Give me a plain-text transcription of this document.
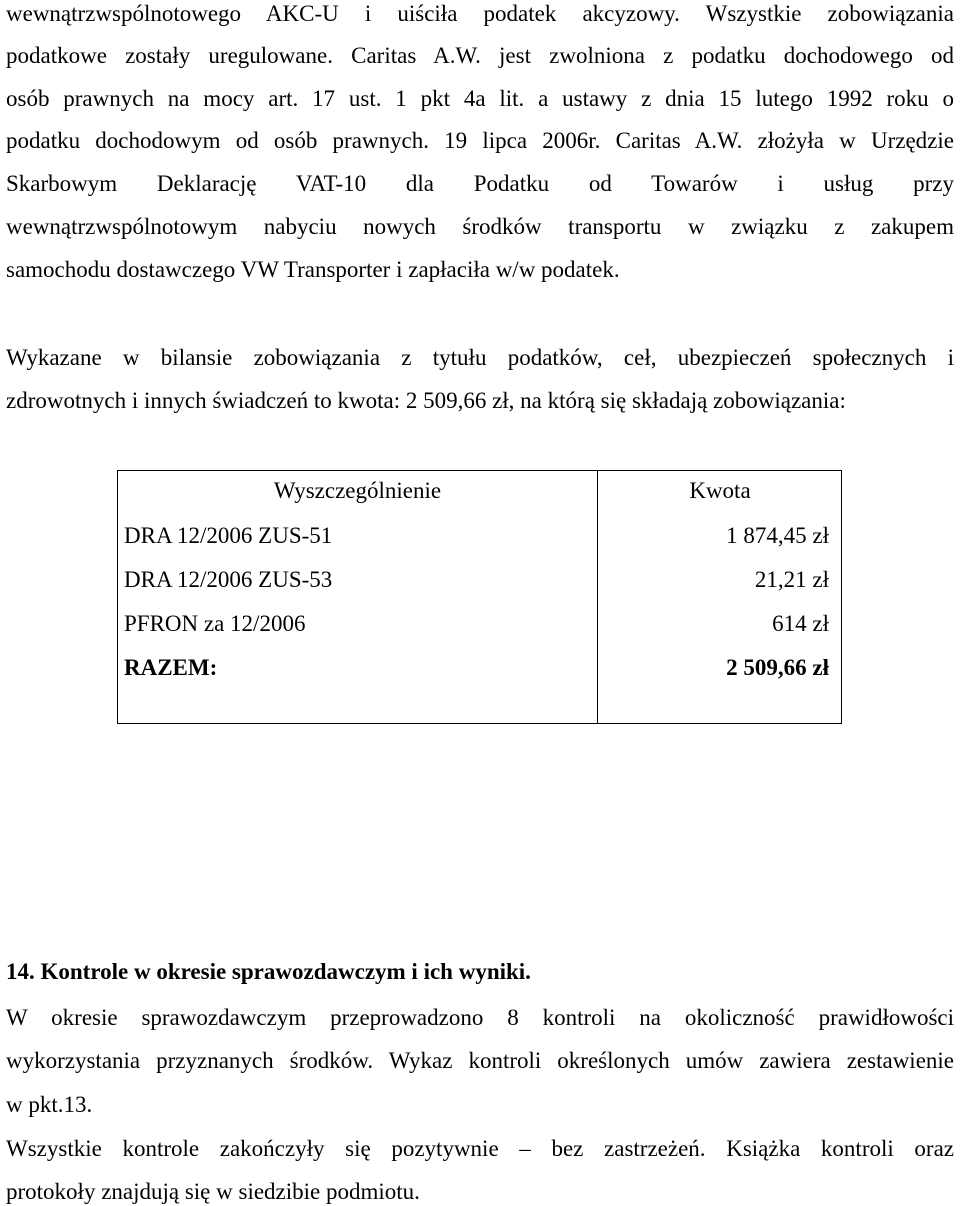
wewnątrzwspólnotowego AKC-U i uiściła podatek akcyzowy. Wszystkie zobowiązania
podatkowe zostały uregulowane. Caritas A.W. jest zwolniona z podatku dochodowego od
osób prawnych na mocy art. 17 ust. 1 pkt 4a lit. a ustawy z dnia 15 lutego 1992 roku o
podatku dochodowym od osób prawnych. 19 lipca 2006r. Caritas A.W. złożyła w Urzędzie
Skarbowym Deklarację VAT-10 dla Podatku od Towarów i usług przy
wewnątrzwspólnotowym nabyciu nowych środków transportu w związku z zakupem
samochodu dostawczego VW Transporter i zapłaciła w/w podatek.
Wykazane w bilansie zobowiązania z tytułu podatków, ceł, ubezpieczeń społecznych i
zdrowotnych i innych świadczeń to kwota: 2 509,66 zł, na którą się składają zobowiązania:
Wyszczególnienie	Kwota
DRA 12/2006 ZUS-51	1 874,45 zł
DRA 12/2006 ZUS-53	21,21 zł
PFRON za 12/2006	614 zł
RAZEM:	2 509,66 zł
14. Kontrole w okresie sprawozdawczym i ich wyniki.
W okresie sprawozdawczym przeprowadzono 8 kontroli na okoliczność prawidłowości
wykorzystania przyznanych środków. Wykaz kontroli określonych umów zawiera zestawienie
w pkt.13.
Wszystkie kontrole zakończyły się pozytywnie – bez zastrzeżeń. Książka kontroli oraz
protokoły znajdują się w siedzibie podmiotu.
